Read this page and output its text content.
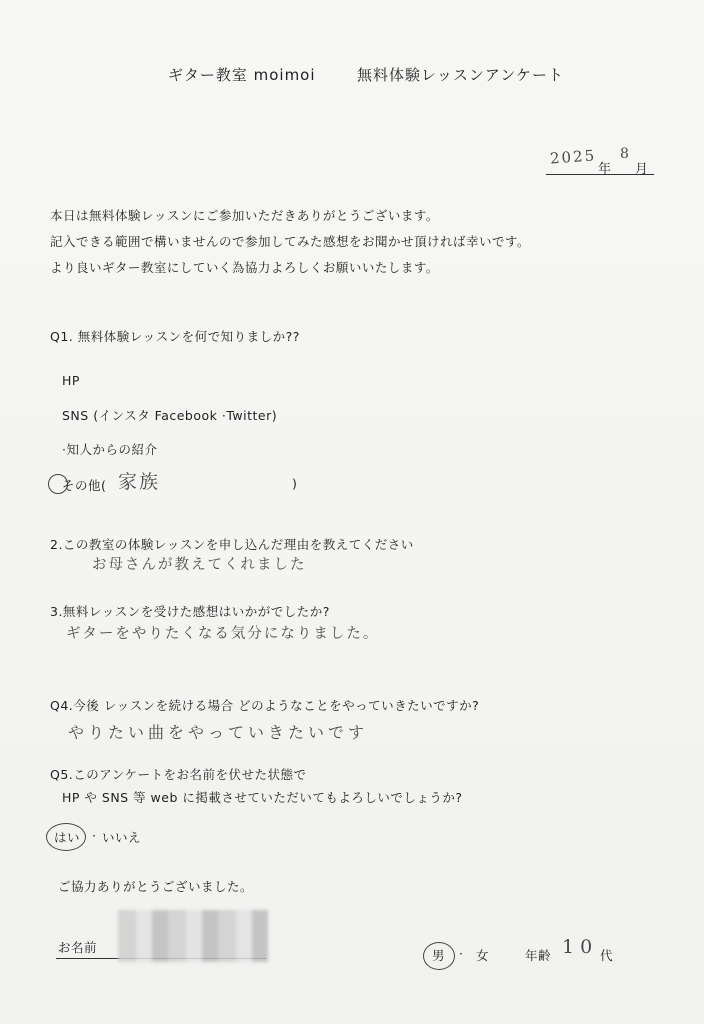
ギター教室 moimoi	無料体験レッスンアンケート
2025
年
8
月
本日は無料体験レッスンにご参加いただきありがとうございます。
記入できる範囲で構いませんので参加してみた感想をお聞かせ頂ければ幸いです。
より良いギター教室にしていく為協力よろしくお願いいたします。
Q1. 無料体験レッスンを何で知りましか??
HP
SNS (インスタ Facebook ·Twitter)
·知人からの紹介
その他( 家族	)
2.この教室の体験レッスンを申し込んだ理由を教えてください
お母さんが教えてくれました
3.無料レッスンを受けた感想はいかがでしたか?
ギターをやりたくなる気分になりました。
Q4.今後 レッスンを続ける場合 どのようなことをやっていきたいですか?
やりたい曲をやっていきたいです
Q5.このアンケートをお名前を伏せた状態で
HP や SNS 等 web に掲載させていただいてもよろしいでしょうか?
はい · いいえ
ご協力ありがとうございました。
お名前
男 · 女	年齢 10 代
